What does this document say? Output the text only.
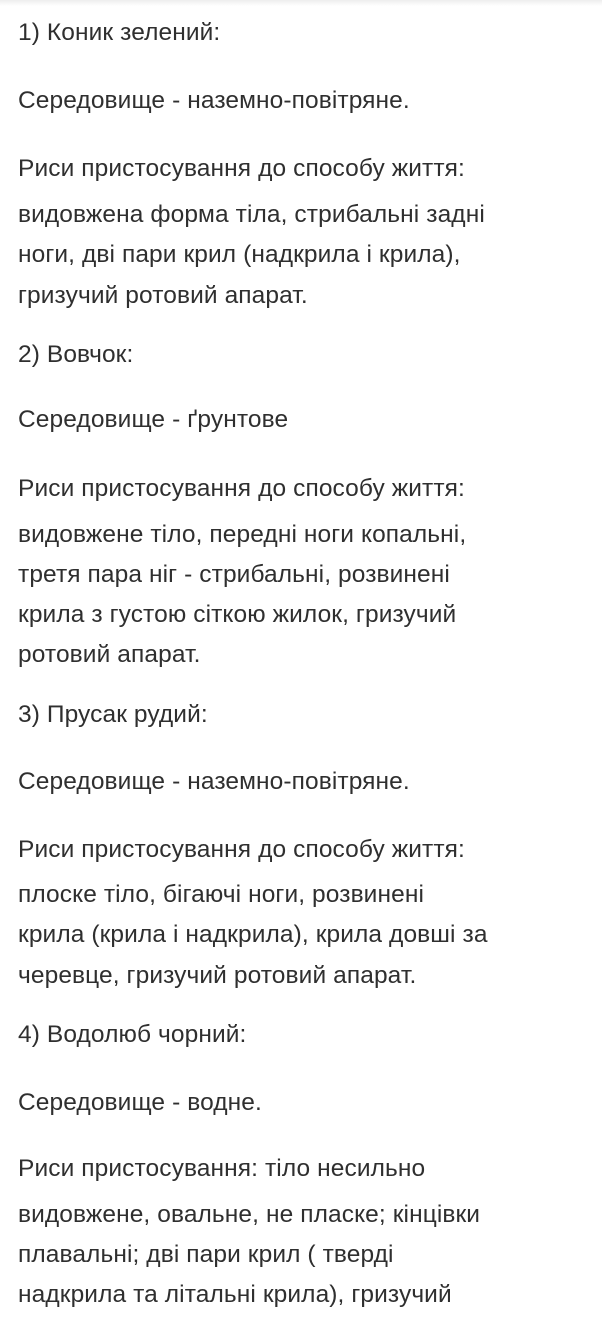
1) Коник зелений:
Середовище - наземно-повітряне.
Риси пристосування до способу життя:
видовжена форма тіла, стрибальні задні
ноги, дві пари крил (надкрила і крила),
гризучий ротовий апарат.
2) Вовчок:
Середовище - ґрунтове
Риси пристосування до способу життя:
видовжене тіло, передні ноги копальні,
третя пара ніг - стрибальні, розвинені
крила з густою сіткою жилок, гризучий
ротовий апарат.
3) Прусак рудий:
Середовище - наземно-повітряне.
Риси пристосування до способу життя:
плоске тіло, бігаючі ноги, розвинені
крила (крила і надкрила), крила довші за
черевце, гризучий ротовий апарат.
4) Водолюб чорний:
Середовище - водне.
Риси пристосування: тіло несильно
видовжене, овальне, не пласке; кінцівки
плавальні; дві пари крил ( тверді
надкрила та літальні крила), гризучий
